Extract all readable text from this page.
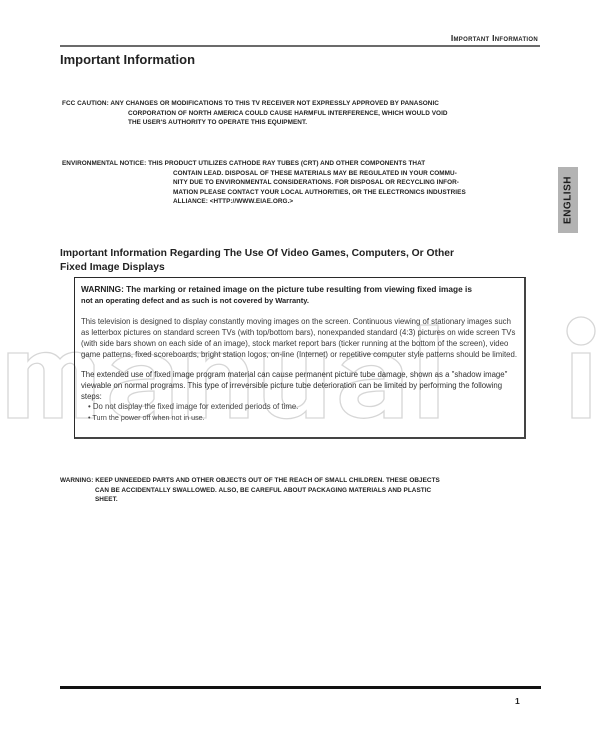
Important Information
Important Information
FCC CAUTION: ANY CHANGES OR MODIFICATIONS TO THIS TV RECEIVER NOT EXPRESSLY APPROVED BY PANASONIC
CORPORATION OF NORTH AMERICA COULD CAUSE HARMFUL INTERFERENCE, WHICH WOULD VOID
THE USER'S AUTHORITY TO OPERATE THIS EQUIPMENT.
ENVIRONMENTAL NOTICE: THIS PRODUCT UTILIZES CATHODE RAY TUBES (CRT) AND OTHER COMPONENTS THAT
CONTAIN LEAD. DISPOSAL OF THESE MATERIALS MAY BE REGULATED IN YOUR COMMU-
NITY DUE TO ENVIRONMENTAL CONSIDERATIONS. FOR DISPOSAL OR RECYCLING INFOR-
MATION PLEASE CONTACT YOUR LOCAL AUTHORITIES, OR THE ELECTRONICS INDUSTRIES
ALLIANCE: <HTTP://WWW.EIAE.ORG.>	ENGLISH
Important Information Regarding The Use Of Video Games, Computers, Or Other Fixed Image Displays
WARNING: The marking or retained image on the picture tube resulting from viewing fixed image is
not an operating defect and as such is not covered by Warranty.
This television is designed to display constantly moving images on the screen. Continuous viewing of stationary images such as letterbox pictures on standard screen TVs (with top/bottom bars), nonexpanded standard (4:3) pictures on wide screen TVs (with side bars shown on each side of an image), stock market report bars (ticker running at the bottom of the screen), video game patterns, fixed scoreboards, bright station logos, on-line (Internet) or repetitive computer style patterns should be limited.
The extended use of fixed image program material can cause permanent picture tube damage, shown as a "shadow image" viewable on normal programs. This type of irreversible picture tube deterioration can be limited by performing the following steps:
• Do not display the fixed image for extended periods of time.
• Turn the power off when not in use.
WARNING: KEEP UNNEEDED PARTS AND OTHER OBJECTS OUT OF THE REACH OF SMALL CHILDREN. THESE OBJECTS
CAN BE ACCIDENTALLY SWALLOWED. ALSO, BE CAREFUL ABOUT PACKAGING MATERIALS AND PLASTIC
SHEET.
1
